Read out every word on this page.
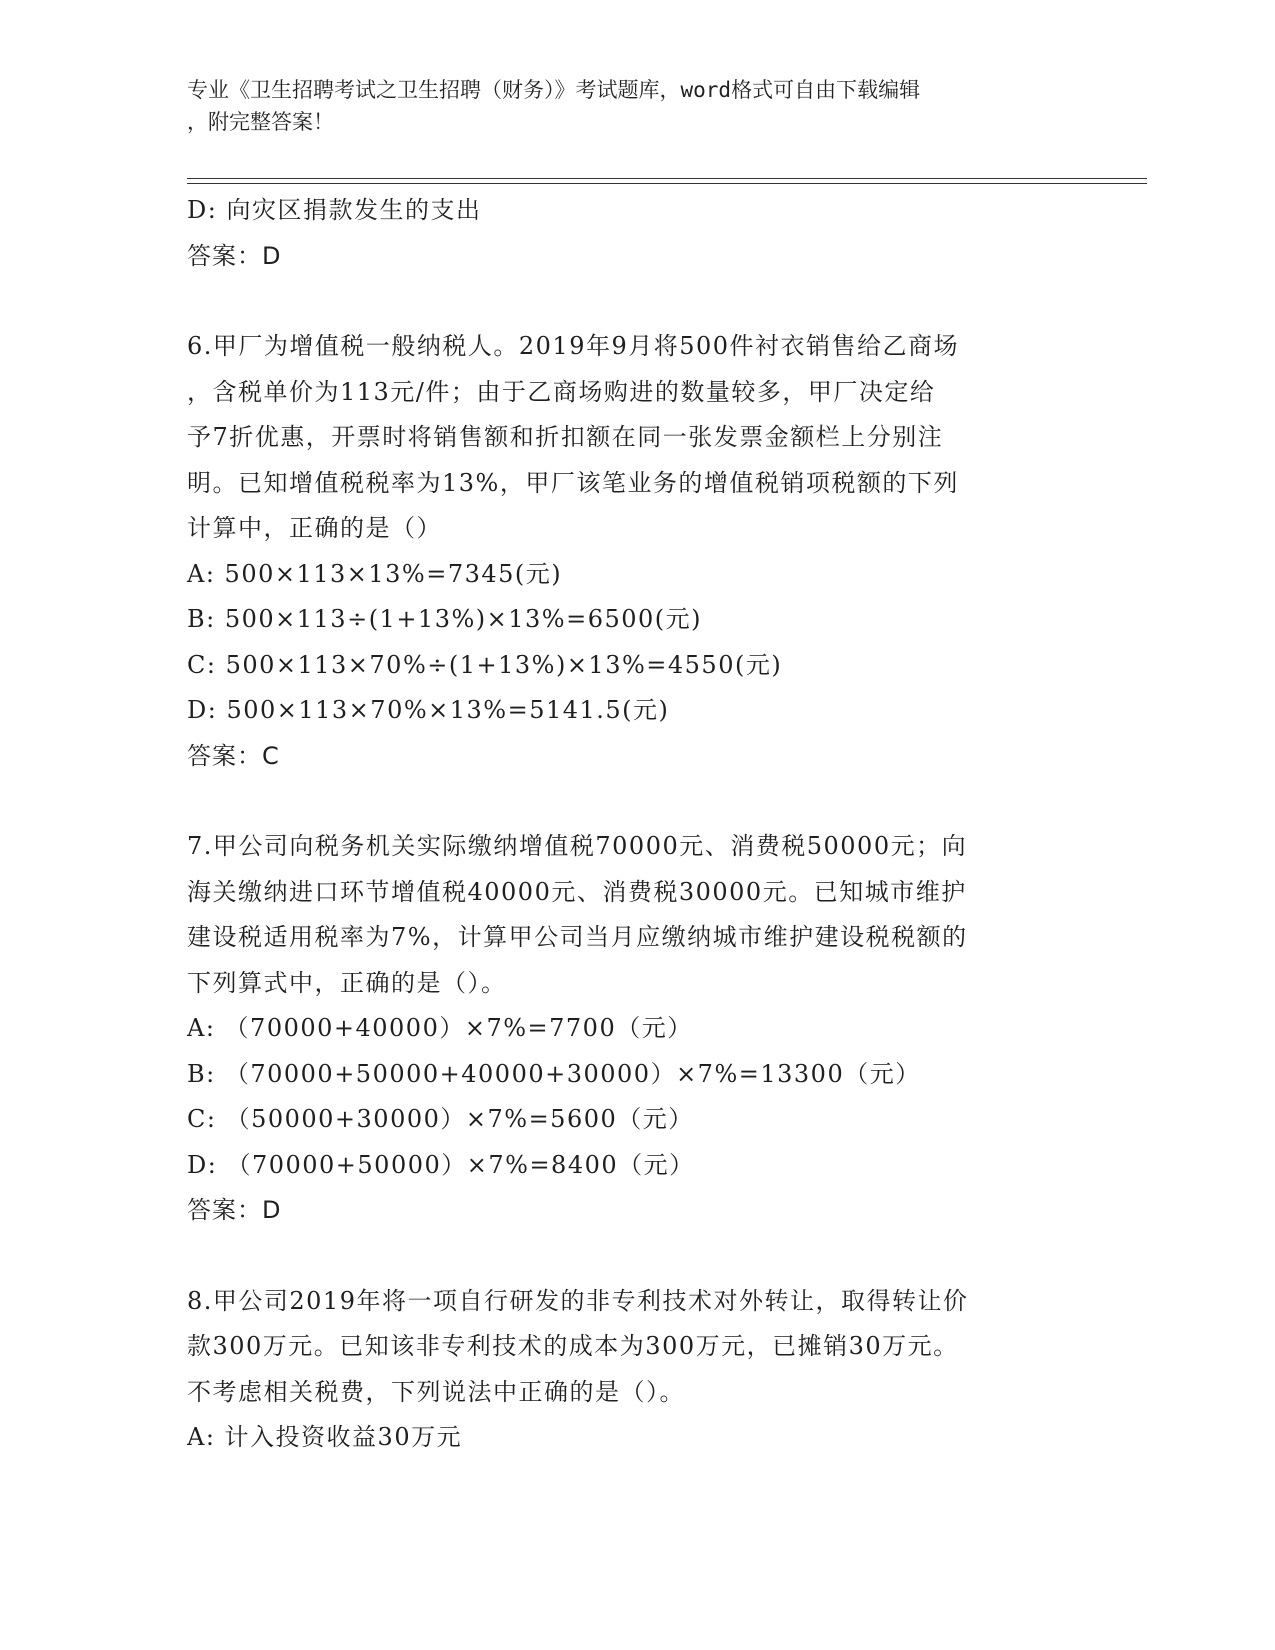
专业《卫生招聘考试之卫生招聘（财务）》考试题库，word格式可自由下载编辑
，附完整答案！
D: 向灾区捐款发生的支出
答案：D
6.甲厂为增值税一般纳税人。2019年9月将500件衬衣销售给乙商场
，含税单价为113元/件；由于乙商场购进的数量较多，甲厂决定给
予7折优惠，开票时将销售额和折扣额在同一张发票金额栏上分别注
明。已知增值税税率为13%，甲厂该笔业务的增值税销项税额的下列
计算中，正确的是（）
A: 500×113×13%=7345(元)
B: 500×113÷(1+13%)×13%=6500(元)
C: 500×113×70%÷(1+13%)×13%=4550(元)
D: 500×113×70%×13%=5141.5(元)
答案：C
7.甲公司向税务机关实际缴纳增值税70000元、消费税50000元；向
海关缴纳进口环节增值税40000元、消费税30000元。已知城市维护
建设税适用税率为7%，计算甲公司当月应缴纳城市维护建设税税额的
下列算式中，正确的是（）。
A: （70000+40000）×7%=7700（元）
B: （70000+50000+40000+30000）×7%=13300（元）
C: （50000+30000）×7%=5600（元）
D: （70000+50000）×7%=8400（元）
答案：D
8.甲公司2019年将一项自行研发的非专利技术对外转让，取得转让价
款300万元。已知该非专利技术的成本为300万元，已摊销30万元。
不考虑相关税费，下列说法中正确的是（）。
A: 计入投资收益30万元
